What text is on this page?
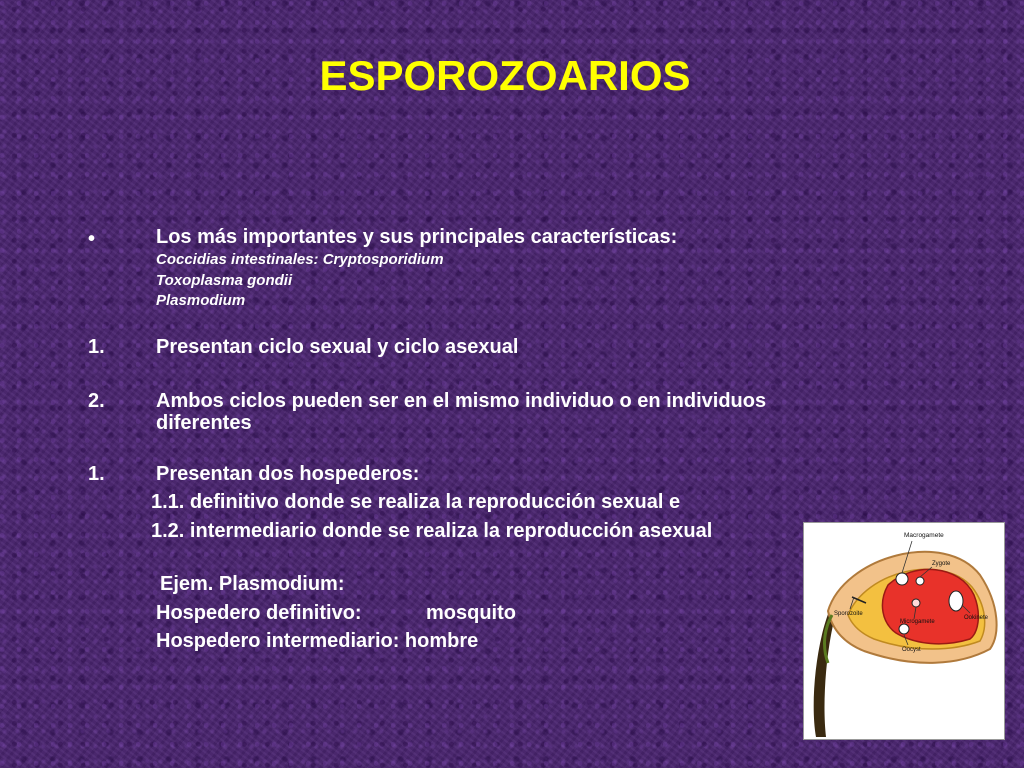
ESPOROZOARIOS
•	Los más importantes y sus principales características:
Coccidias intestinales: Cryptosporidium
Toxoplasma gondii
Plasmodium
1.	Presentan ciclo sexual y ciclo asexual
2.	Ambos ciclos pueden ser en el mismo individuo o en individuos
diferentes
1.	Presentan dos hospederos:
1.1. definitivo donde se realiza la reproducción sexual e
1.2. intermediario donde se realiza la reproducción asexual
Ejem. Plasmodium:
Hospedero definitivo:	mosquito
Hospedero intermediario: hombre
Macrogamete
Zygote
Microgamete
Ookinete
Sporozoite
Oocyst
